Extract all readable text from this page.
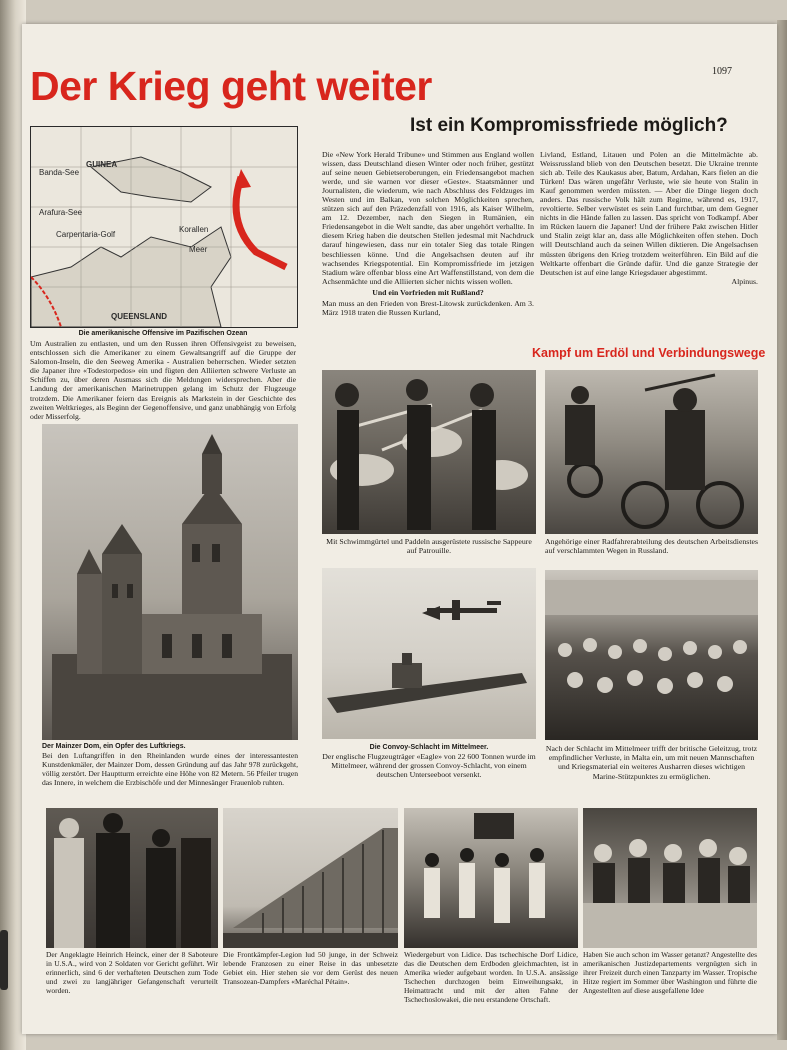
Der Krieg geht weiter	1097
Ist ein Kompromissfriede möglich?
Banda-See
Arafura-See
GUINEA
Korallen
Meer
Carpentaria-Golf
QUEENSLAND
Die amerikanische Offensive im Pazifischen Ozean
Um Australien zu entlasten, und um den Russen ihren Offensivgeist zu beweisen, entschlossen sich die Amerikaner zu einem Gewaltsangriff auf die Gruppe der Salomon-Inseln, die den Seeweg Amerika - Australien beherrschen. Wieder setzten die Japaner ihre «Todestorpedos» ein und fügten den Alliierten schwere Verluste an Schiffen zu, über deren Ausmass sich die Meldungen widersprechen. Aber die Landung der amerikanischen Marinetruppen gelang im Schutz der Flugzeuge trotzdem. Die Amerikaner feiern das Ereignis als Markstein in der Geschichte des zweiten Weltkrieges, als Beginn der Gegenoffensive, und ganz unabhängig von Erfolg oder Misserfolg.
Die «New York Herald Tribune» und Stimmen aus England wollen wissen, dass Deutschland diesen Winter oder noch früher, gestützt auf seine neuen Gebietseroberungen, ein Friedensangebot machen werde, und sie warnen vor dieser «Geste». Staatsmänner und Journalisten, die wiederum, wie nach Abschluss des Feldzuges im Westen und im Balkan, von solchen Möglichkeiten sprechen, stützen sich auf den Präzedenzfall von 1916, als Kaiser Wilhelm, am 12. Dezember, nach den Siegen in Rumänien, ein Friedensangebot in die Welt sandte, das aber ungehört verhallte. In diesem Krieg haben die deutschen Stellen jedesmal mit Nachdruck darauf hingewiesen, dass nur ein totaler Sieg das totale Ringen beschliessen könne. Und die Angelsachsen deuten auf ihr wachsendes Kriegspotential. Ein Kompromissfriede im jetzigen Stadium wäre offenbar bloss eine Art Waffenstillstand, von dem die Achsenmächte und die Alliierten sicher nichts wissen wollen.
Und ein Vorfrieden mit Rußland?
Man muss an den Frieden von Brest-Litowsk zurückdenken. Am 3. März 1918 traten die Russen Kurland,
Livland, Estland, Litauen und Polen an die Mittelmächte ab. Weissrussland blieb von den Deutschen besetzt. Die Ukraine trennte sich ab. Teile des Kaukasus aber, Batum, Ardahan, Kars fielen an die Türken! Das wären ungefähr Verluste, wie sie heute von Stalin in Kauf genommen werden müssten. — Aber die Dinge liegen doch anders. Das russische Volk hält zum Regime, während es, 1917, revoltierte. Selber verwüstet es sein Land furchtbar, um dem Gegner nichts in die Hände fallen zu lassen. Das spricht von Todkampf. Aber im Rücken lauern die Japaner! Und der frühere Pakt zwischen Hitler und Stalin zeigt klar an, dass alle Möglichkeiten offen stehen. Doch will Deutschland auch da seinen Willen diktieren. Die Angelsachsen müssten übrigens den Krieg trotzdem weiterführen. Ein Bild auf die Weltkarte offenbart die Gründe dafür. Und die ganze Strategie der Deutschen ist auf eine lange Kriegsdauer abgestimmt.
Alpinus.
Kampf um Erdöl und Verbindungswege
Der Mainzer Dom, ein Opfer des Luftkriegs.
Bei den Luftangriffen in den Rheinlanden wurde eines der interessantesten Kunstdenkmäler, der Mainzer Dom, dessen Gründung auf das Jahr 978 zurückgeht, völlig zerstört. Der Hauptturm erreichte eine Höhe von 82 Metern. 56 Pfeiler trugen das Innere, in welchem die Erzbischöfe und der Minnesänger Frauenlob ruhten.
Mit Schwimmgürtel und Paddeln ausgerüstete russische Sappeure auf Patrouille.
Angehörige einer Radfahrerabteilung des deutschen Arbeitsdienstes auf verschlammten Wegen in Russland.
Die Convoy-Schlacht im Mittelmeer.
Der englische Flugzeugträger «Eagle» von 22 600 Tonnen wurde im Mittelmeer, während der grossen Convoy-Schlacht, von einem deutschen Unterseeboot versenkt.
Nach der Schlacht im Mittelmeer trifft der britische Geleitzug, trotz empfindlicher Verluste, in Malta ein, um mit neuen Mannschaften und Kriegsmaterial ein weiteres Ausharren dieses wichtigen Marine-Stützpunktes zu ermöglichen.
Der Angeklagte Heinrich Heinck, einer der 8 Saboteure in U.S.A., wird von 2 Soldaten vor Gericht geführt. Wir erinnerlich, sind 6 der verhafteten Deutschen zum Tode und zwei zu langjähriger Gefangenschaft verurteilt worden.
Die Frontkämpfer-Legion lud 50 junge, in der Schweiz lebende Franzosen zu einer Reise in das unbesetzte Gebiet ein. Hier stehen sie vor dem Gerüst des neuen Transozean-Dampfers «Maréchal Pétain».
Wiedergeburt von Lidice. Das tschechische Dorf Lidice, das die Deutschen dem Erdboden gleichmachten, ist in Amerika wieder aufgebaut worden. In U.S.A. ansässige Tschechen durchzogen beim Einweihungsakt, in Heimattracht und mit der alten Fahne der Tschechoslowakei, die neu erstandene Ortschaft.
Haben Sie auch schon im Wasser getanzt? Angestellte des amerikanischen Justizdepartements vergnügten sich in ihrer Freizeit durch einen Tanzparty im Wasser. Tropische Hitze regiert im Sommer über Washington und führte die Angestellten auf diese ausgefallene Idee
